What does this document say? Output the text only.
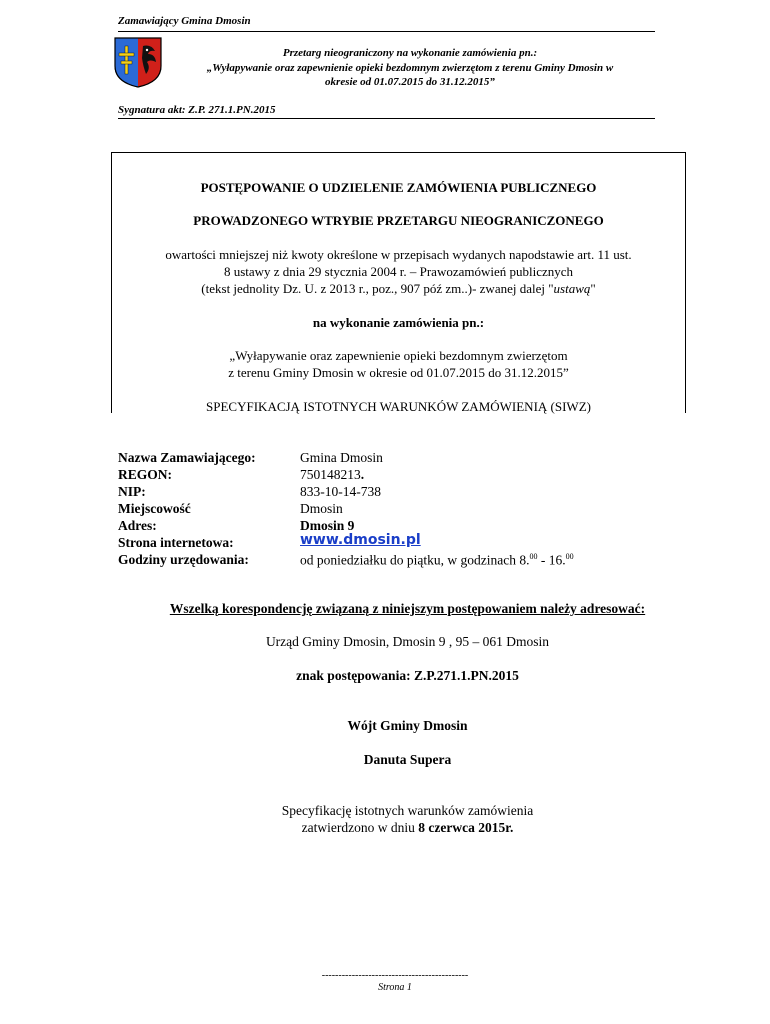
Zamawiający Gmina Dmosin
Przetarg nieograniczony na wykonanie zamówienia pn.:
„Wyłapywanie oraz zapewnienie opieki bezdomnym zwierzętom z terenu Gminy Dmosin w
okresie od 01.07.2015 do 31.12.2015”
Sygnatura akt: Z.P. 271.1.PN.2015
POSTĘPOWANIE O UDZIELENIE ZAMÓWIENIA PUBLICZNEGO
PROWADZONEGO WTRYBIE PRZETARGU NIEOGRANICZONEGO
owartości mniejszej niż kwoty określone w przepisach wydanych napodstawie art. 11 ust.
8 ustawy z dnia 29 stycznia 2004 r. – Prawozamówień publicznych
(tekst jednolity Dz. U. z 2013 r., poz., 907 póź zm..)- zwanej dalej "ustawą"
na wykonanie zamówienia pn.:
„Wyłapywanie oraz zapewnienie opieki bezdomnym zwierzętom
z terenu Gminy Dmosin w okresie od 01.07.2015 do 31.12.2015”
SPECYFIKACJĄ ISTOTNYCH WARUNKÓW ZAMÓWIENIĄ (SIWZ)
Nazwa Zamawiającego:	Gmina Dmosin
REGON:	750148213.
NIP:	833-10-14-738
Miejscowość	Dmosin
Adres:	Dmosin 9
Strona internetowa:	www.dmosin.pl
Godziny urzędowania:	od poniedziałku do piątku, w godzinach 8.00 - 16.00
Wszelką korespondencję związaną z niniejszym postępowaniem należy adresować:
Urząd Gminy Dmosin, Dmosin 9 , 95 – 061 Dmosin
znak postępowania: Z.P.271.1.PN.2015
Wójt Gminy Dmosin
Danuta Supera
Specyfikację istotnych warunków zamówienia
zatwierdzono w dniu 8 czerwca 2015r.
--------------------------------------------
Strona 1
